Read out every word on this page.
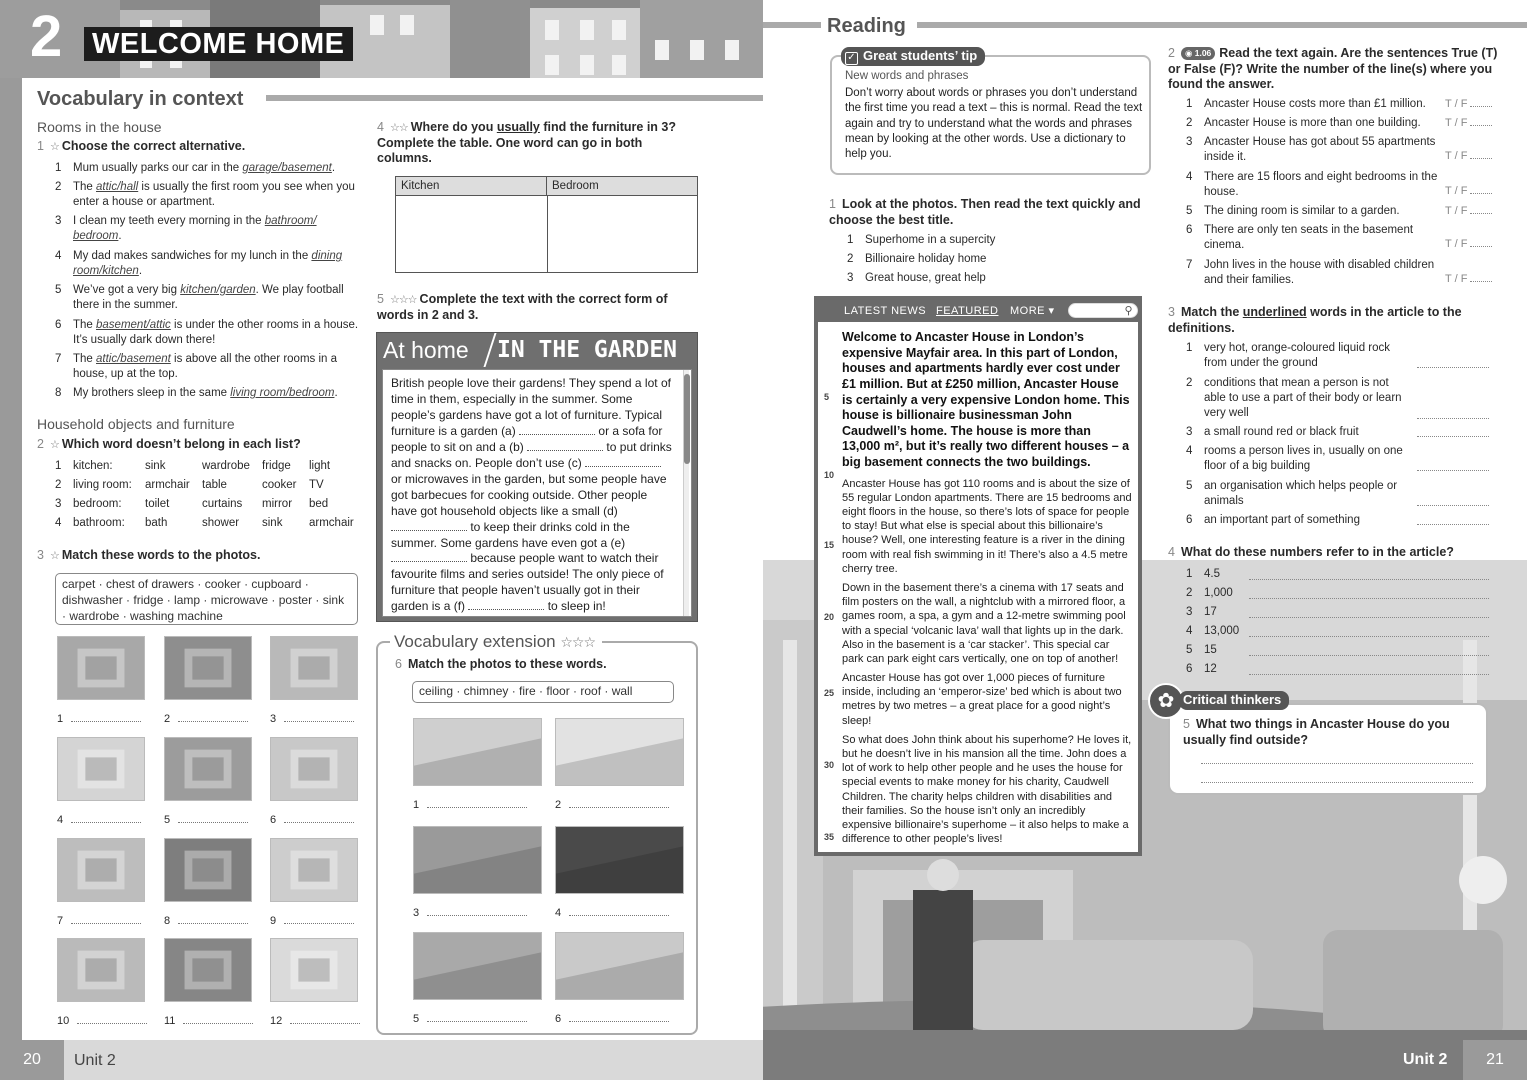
2 WELCOME HOME
Vocabulary in context
Rooms in the house
1 ☆ Choose the correct alternative.
1 Mum usually parks our car in the garage/basement.
2 The attic/hall is usually the first room you see when you enter a house or apartment.
3 I clean my teeth every morning in the bathroom/ bedroom.
4 My dad makes sandwiches for my lunch in the dining room/kitchen.
5 We’ve got a very big kitchen/garden. We play football there in the summer.
6 The basement/attic is under the other rooms in a house. It’s usually dark down there!
7 The attic/basement is above all the other rooms in a house, up at the top.
8 My brothers sleep in the same living room/bedroom.
Household objects and furniture
2 ☆ Which word doesn’t belong in each list?
1 kitchen:	sink	wardrobe fridge light
2 living room: armchair table	cooker TV
3 bedroom: toilet	curtains mirror bed
4 bathroom: bath	shower sink armchair
3 ☆ Match these words to the photos.
carpet · chest of drawers · cooker · cupboard · dishwasher · fridge · lamp · microwave · poster · sink · wardrobe · washing machine
1	2	3
4	5	6
7	8	9
10	11	12
4 ☆☆ Where do you usually find the furniture in 3? Complete the table. One word can go in both columns.
Kitchen	Bedroom
5 ☆☆☆ Complete the text with the correct form of words in 2 and 3.
At home IN THE GARDEN
British people love their gardens! They spend a lot of time in them, especially in the summer. Some people’s gardens have got a lot of furniture. Typical furniture is a garden (a)	or a sofa for people to sit on and a (b)	to put drinks and snacks on. People don’t use (c)  or microwaves in the garden, but some people have got barbecues for cooking outside. Other people have got household objects like a small (d)  to keep their drinks cold in the summer. Some gardens have even got a (e)  because people want to watch their favourite films and series outside! The only piece of furniture that people haven’t usually got in their garden is a (f)	to sleep in!
Vocabulary extension ☆☆☆
6 Match the photos to these words.
ceiling · chimney · fire · floor · roof · wall
1	2
3	4
5	6
20	Unit 2
Reading
✓ Great students’ tip
New words and phrases
Don’t worry about words or phrases you don’t understand the first time you read a text – this is normal. Read the text again and try to understand what the words and phrases mean by looking at the other words. Use a dictionary to help you.
1 Look at the photos. Then read the text quickly and choose the best title.
1 Superhome in a supercity
2 Billionaire holiday home
3 Great house, great help
LATEST NEWS FEATURED MORE ▾	⚲
Welcome to Ancaster House in London’s expensive Mayfair area. In this part of London, houses and apartments hardly ever cost under £1 million. But at £250 million, Ancaster House is certainly a very expensive London home. This house is billionaire businessman John Caudwell’s home. The house is more than 13,000 m², but it’s really two different houses – a big basement connects the two buildings.
Ancaster House has got 110 rooms and is about the size of 55 regular London apartments. There are 15 bedrooms and eight floors in the house, so there’s lots of space for people to stay! But what else is special about this billionaire’s house? Well, one interesting feature is a river in the dining room with real fish swimming in it! There’s also a 4.5 metre cherry tree.
Down in the basement there’s a cinema with 17 seats and film posters on the wall, a nightclub with a mirrored floor, a games room, a spa, a gym and a 12-metre swimming pool with a special ‘volcanic lava’ wall that lights up in the dark. Also in the basement is a ‘car stacker’. This special car park can park eight cars vertically, one on top of another!
Ancaster House has got over 1,000 pieces of furniture inside, including an ‘emperor-size’ bed which is about two metres by two metres – a great place for a good night’s sleep!
So what does John think about his superhome? He loves it, but he doesn’t live in his mansion all the time. John does a lot of work to help other people and he uses the house for special events to make money for his charity, Caudwell Children. The charity helps children with disabilities and their families. So the house isn’t only an incredibly expensive billionaire’s superhome – it also helps to make a difference to other people’s lives!
5
10
15
20
25
30
35
2 ◉ 1.06 Read the text again. Are the sentences True (T) or False (F)? Write the number of the line(s) where you found the answer.
1 Ancaster House costs more than £1 million.	T / F
2 Ancaster House is more than one building.	T / F
3 Ancaster House has got about 55 apartments inside it.	T / F
4 There are 15 floors and eight bedrooms in the house.	T / F
5 The dining room is similar to a garden.	T / F
6 There are only ten seats in the basement cinema.	T / F
7 John lives in the house with disabled children and their families.	T / F
3 Match the underlined words in the article to the definitions.
1 very hot, orange-coloured liquid rock from under the ground
2 conditions that mean a person is not able to use a part of their body or learn very well
3 a small round red or black fruit
4 rooms a person lives in, usually on one floor of a big building
5 an organisation which helps people or animals
6 an important part of something
4 What do these numbers refer to in the article?
1 4.5
2 1,000
3 17
4 13,000
5 15
6 12
✿ Critical thinkers
5 What two things in Ancaster House do you usually find outside?
Unit 2	21
